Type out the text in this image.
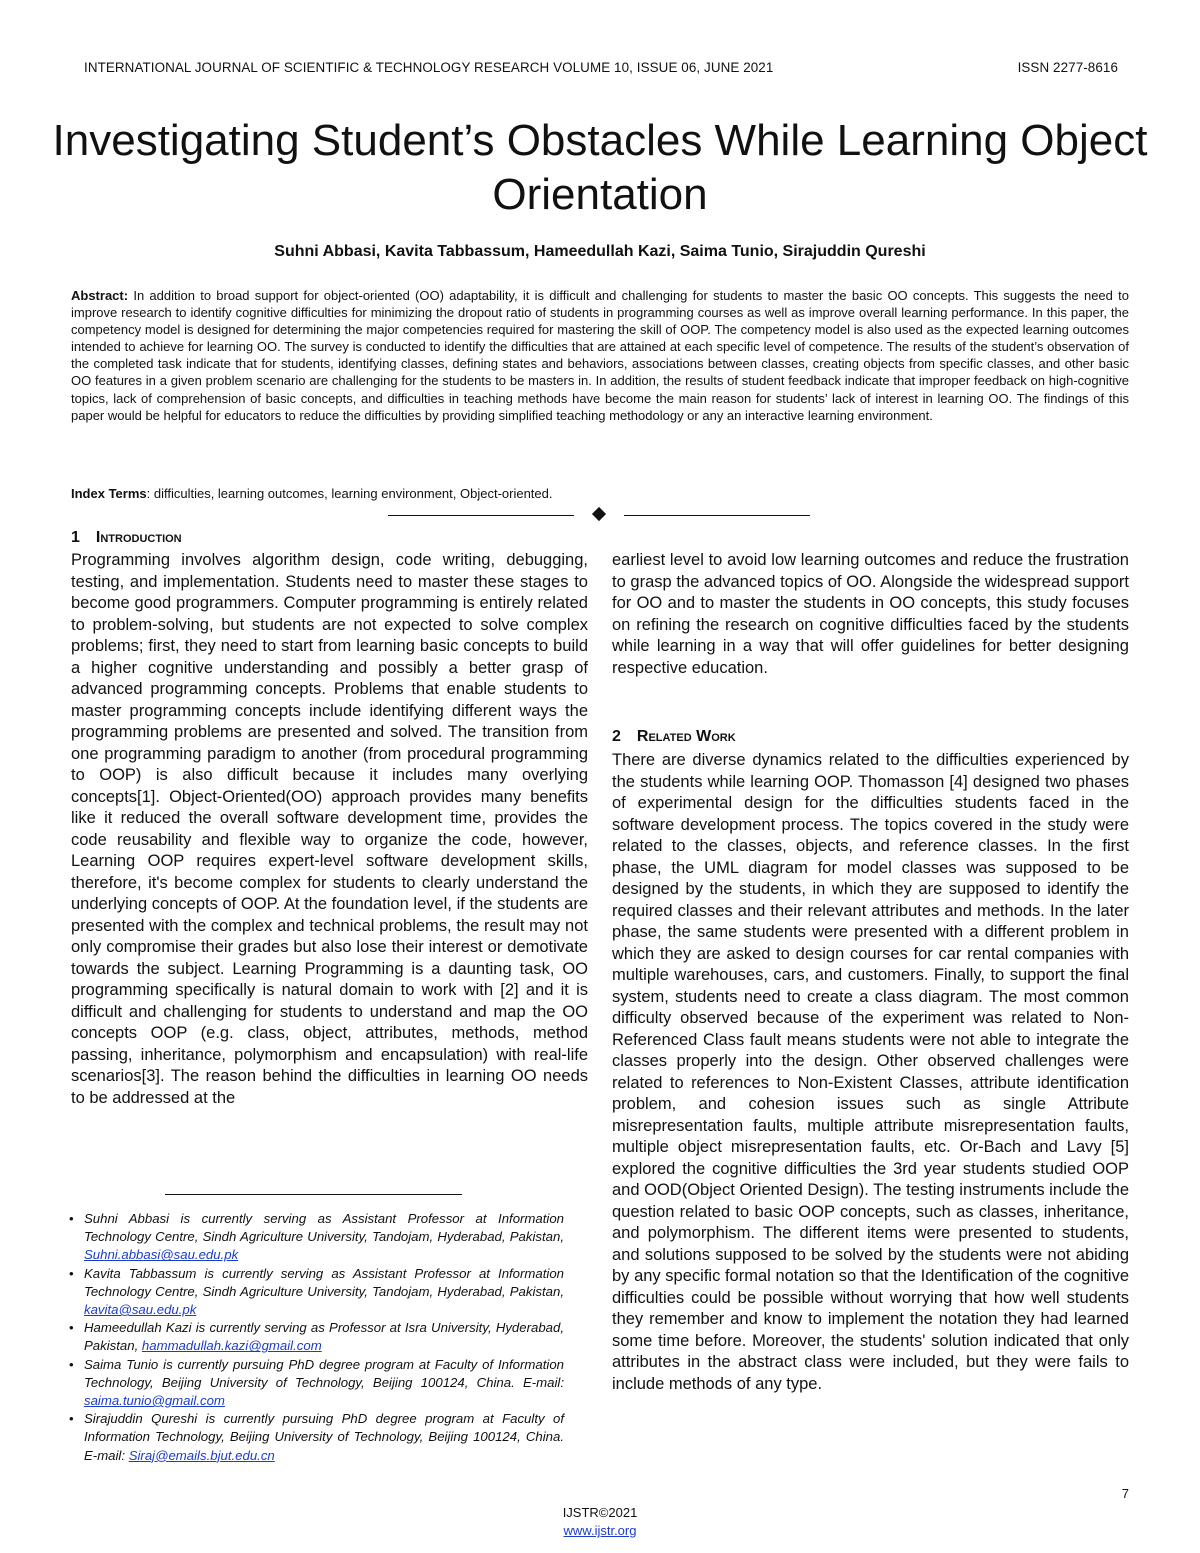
INTERNATIONAL JOURNAL OF SCIENTIFIC & TECHNOLOGY RESEARCH VOLUME 10, ISSUE 06, JUNE 2021	ISSN 2277-8616
Investigating Student’s Obstacles While Learning Object Orientation
Suhni Abbasi, Kavita Tabbassum, Hameedullah Kazi, Saima Tunio, Sirajuddin Qureshi
Abstract: In addition to broad support for object-oriented (OO) adaptability, it is difficult and challenging for students to master the basic OO concepts. This suggests the need to improve research to identify cognitive difficulties for minimizing the dropout ratio of students in programming courses as well as improve overall learning performance. In this paper, the competency model is designed for determining the major competencies required for mastering the skill of OOP. The competency model is also used as the expected learning outcomes intended to achieve for learning OO. The survey is conducted to identify the difficulties that are attained at each specific level of competence. The results of the student’s observation of the completed task indicate that for students, identifying classes, defining states and behaviors, associations between classes, creating objects from specific classes, and other basic OO features in a given problem scenario are challenging for the students to be masters in. In addition, the results of student feedback indicate that improper feedback on high-cognitive topics, lack of comprehension of basic concepts, and difficulties in teaching methods have become the main reason for students’ lack of interest in learning OO. The findings of this paper would be helpful for educators to reduce the difficulties by providing simplified teaching methodology or any an interactive learning environment.
Index Terms: difficulties, learning outcomes, learning environment, Object-oriented.
1 Introduction

Programming involves algorithm design, code writing, debugging, testing, and implementation. Students need to master these stages to become good programmers. Computer programming is entirely related to problem-solving, but students are not expected to solve complex problems; first, they need to start from learning basic concepts to build a higher cognitive understanding and possibly a better grasp of advanced programming concepts. Problems that enable students to master programming concepts include identifying different ways the programming problems are presented and solved. The transition from one programming paradigm to another (from procedural programming to OOP) is also difficult because it includes many overlying concepts[1]. Object-Oriented(OO) approach provides many benefits like it reduced the overall software development time, provides the code reusability and flexible way to organize the code, however, Learning OOP requires expert-level software development skills, therefore, it's become complex for students to clearly understand the underlying concepts of OOP. At the foundation level, if the students are presented with the complex and technical problems, the result may not only compromise their grades but also lose their interest or demotivate towards the subject. Learning Programming is a daunting task, OO programming specifically is natural domain to work with [2] and it is difficult and challenging for students to understand and map the OO concepts OOP (e.g. class, object, attributes, methods, method passing, inheritance, polymorphism and encapsulation) with real-life scenarios[3]. The reason behind the difficulties in learning OO needs to be addressed at the

• Suhni Abbasi is currently serving as Assistant Professor at Information Technology Centre, Sindh Agriculture University, Tandojam, Hyderabad, Pakistan, Suhni.abbasi@sau.edu.pk
• Kavita Tabbassum is currently serving as Assistant Professor at Information Technology Centre, Sindh Agriculture University, Tandojam, Hyderabad, Pakistan, kavita@sau.edu.pk
• Hameedullah Kazi is currently serving as Professor at Isra University, Hyderabad, Pakistan, hammadullah.kazi@gmail.com
• Saima Tunio is currently pursuing PhD degree program at Faculty of Information Technology, Beijing University of Technology, Beijing 100124, China. E-mail: saima.tunio@gmail.com
• Sirajuddin Qureshi is currently pursuing PhD degree program at Faculty of Information Technology, Beijing University of Technology, Beijing 100124, China. E-mail: Siraj@emails.bjut.edu.cn

earliest level to avoid low learning outcomes and reduce the frustration to grasp the advanced topics of OO. Alongside the widespread support for OO and to master the students in OO concepts, this study focuses on refining the research on cognitive difficulties faced by the students while learning in a way that will offer guidelines for better designing respective education.

2 Related Work

There are diverse dynamics related to the difficulties experienced by the students while learning OOP. Thomasson [4] designed two phases of experimental design for the difficulties students faced in the software development process. The topics covered in the study were related to the classes, objects, and reference classes. In the first phase, the UML diagram for model classes was supposed to be designed by the students, in which they are supposed to identify the required classes and their relevant attributes and methods. In the later phase, the same students were presented with a different problem in which they are asked to design courses for car rental companies with multiple warehouses, cars, and customers. Finally, to support the final system, students need to create a class diagram. The most common difficulty observed because of the experiment was related to Non-Referenced Class fault means students were not able to integrate the classes properly into the design. Other observed challenges were related to references to Non-Existent Classes, attribute identification problem, and cohesion issues such as single Attribute misrepresentation faults, multiple attribute misrepresentation faults, multiple object misrepresentation faults, etc. Or-Bach and Lavy [5] explored the cognitive difficulties the 3rd year students studied OOP and OOD(Object Oriented Design). The testing instruments include the question related to basic OOP concepts, such as classes, inheritance, and polymorphism. The different items were presented to students, and solutions supposed to be solved by the students were not abiding by any specific formal notation so that the Identification of the cognitive difficulties could be possible without worrying that how well students they remember and know to implement the notation they had learned some time before. Moreover, the students' solution indicated that only attributes in the abstract class were included, but they were fails to include methods of any type.

7
IJSTR©2021
www.ijstr.org
